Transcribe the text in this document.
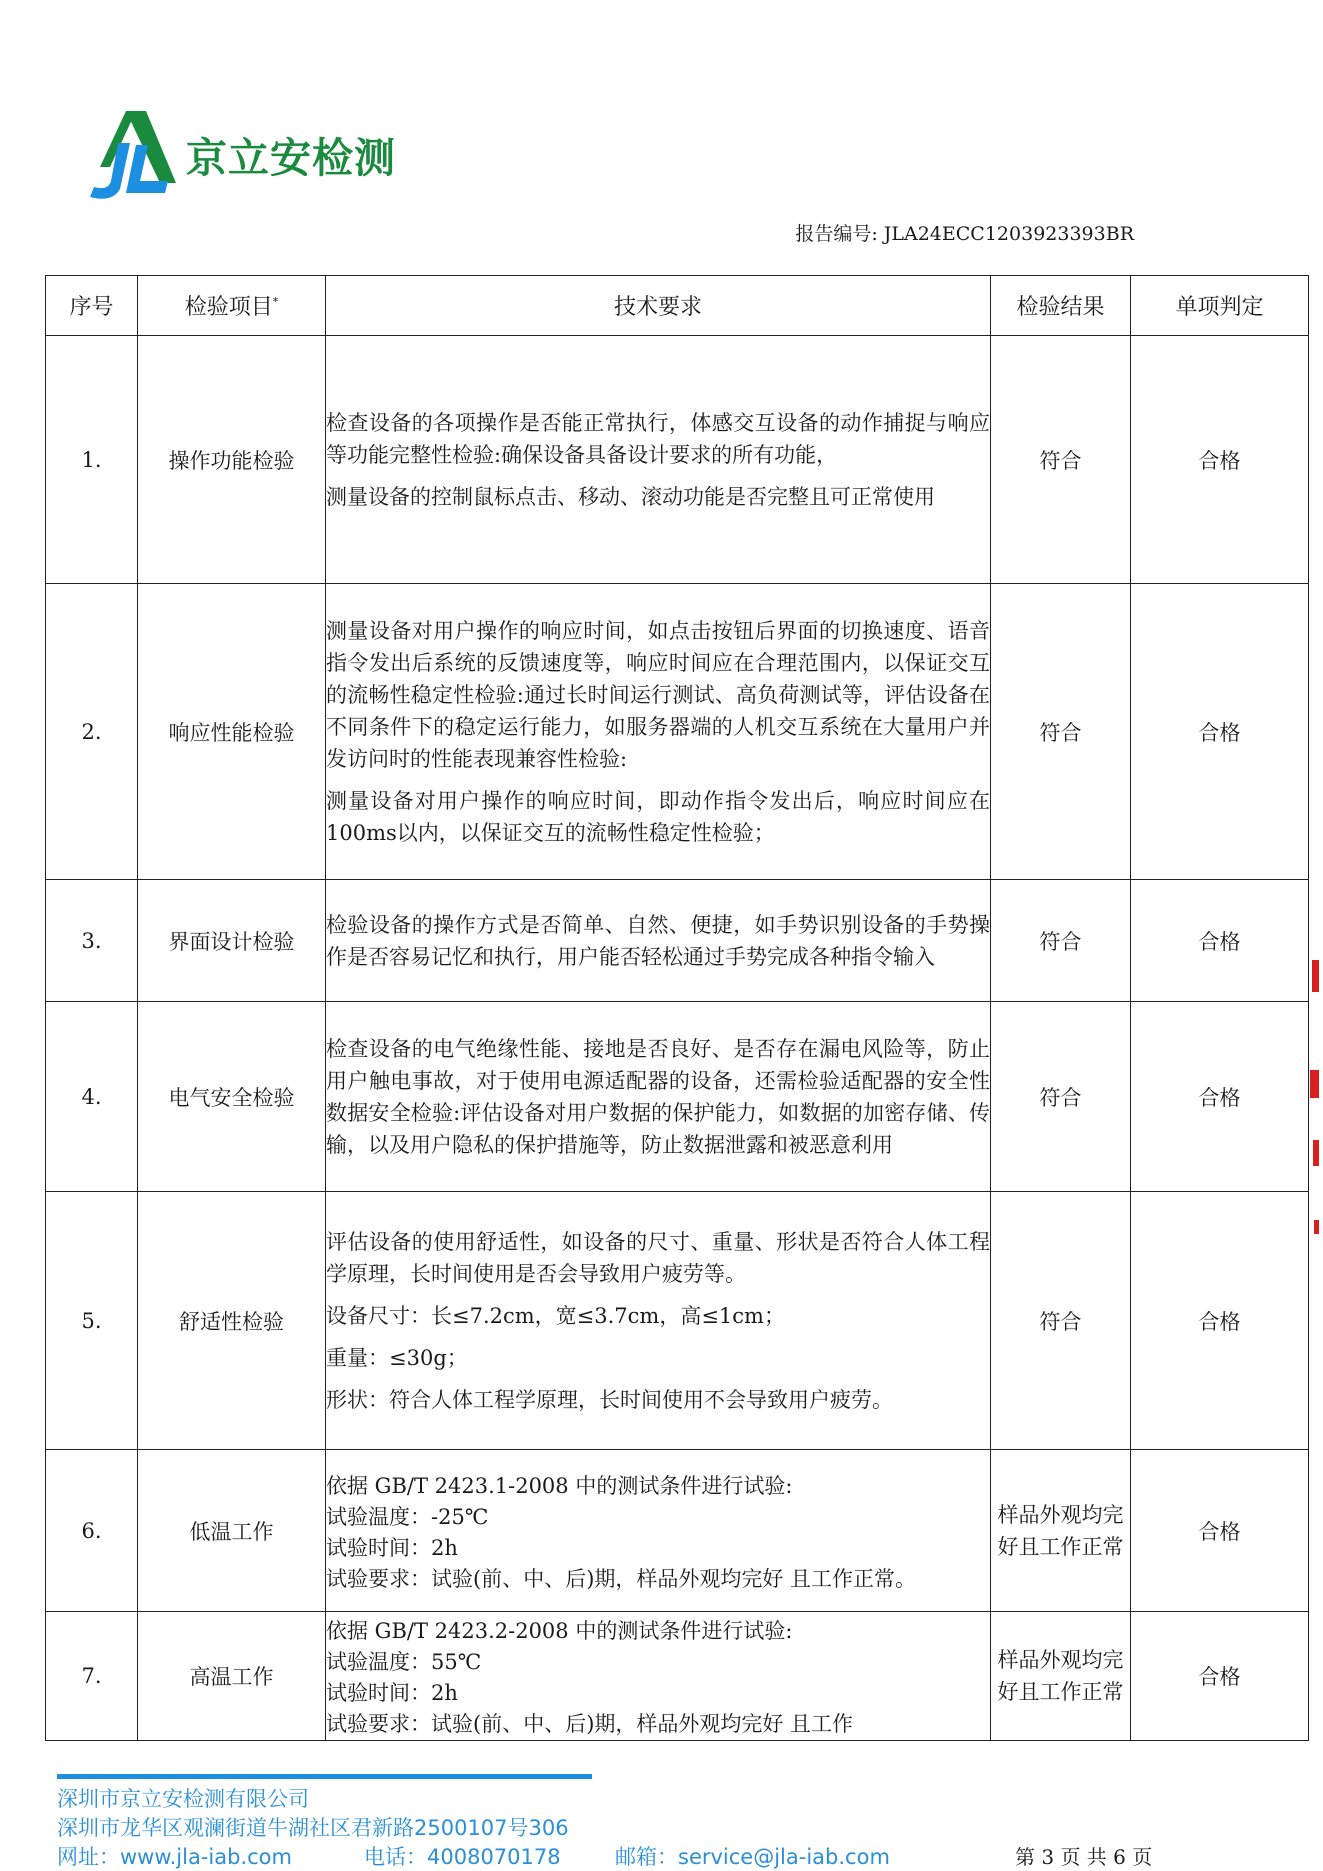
京立安检测
报告编号: JLA24ECC1203923393BR
序号	检验项目*	技术要求	检验结果	单项判定
1.	操作功能检验	检查设备的各项操作是否能正常执行，体感交互设备的动作捕捉与响应等功能完整性检验:确保设备具备设计要求的所有功能，

测量设备的控制鼠标点击、移动、滚动功能是否完整且可正常使用	符合	合格
2.	响应性能检验	测量设备对用户操作的响应时间，如点击按钮后界面的切换速度、语音指令发出后系统的反馈速度等，响应时间应在合理范围内，以保证交互的流畅性稳定性检验:通过长时间运行测试、高负荷测试等，评估设备在不同条件下的稳定运行能力，如服务器端的人机交互系统在大量用户并发访问时的性能表现兼容性检验:

测量设备对用户操作的响应时间，即动作指令发出后，响应时间应在100ms以内，以保证交互的流畅性稳定性检验；	符合	合格
3.	界面设计检验	检验设备的操作方式是否简单、自然、便捷，如手势识别设备的手势操作是否容易记忆和执行，用户能否轻松通过手势完成各种指令输入	符合	合格
4.	电气安全检验	检查设备的电气绝缘性能、接地是否良好、是否存在漏电风险等，防止用户触电事故，对于使用电源适配器的设备，还需检验适配器的安全性数据安全检验:评估设备对用户数据的保护能力，如数据的加密存储、传输，以及用户隐私的保护措施等，防止数据泄露和被恶意利用	符合	合格
5.	舒适性检验	评估设备的使用舒适性，如设备的尺寸、重量、形状是否符合人体工程学原理，长时间使用是否会导致用户疲劳等。

设备尺寸：长≤7.2cm，宽≤3.7cm，高≤1cm；

重量：≤30g；

形状：符合人体工程学原理，长时间使用不会导致用户疲劳。	符合	合格
6.	低温工作	依据 GB/T 2423.1-2008 中的测试条件进行试验:

试验温度：-25℃

试验时间：2h

试验要求：试验(前、中、后)期，样品外观均完好 且工作正常。	样品外观均完好且工作正常	合格
7.	高温工作	依据 GB/T 2423.2-2008 中的测试条件进行试验:

试验温度：55℃

试验时间：2h

试验要求：试验(前、中、后)期，样品外观均完好 且工作	样品外观均完好且工作正常	合格
深圳市京立安检测有限公司
深圳市龙华区观澜街道牛湖社区君新路2500107号306
网址：www.jla-iab.com	电话：4008070178	邮箱：service@jla-iab.com	第 3 页 共 6 页
